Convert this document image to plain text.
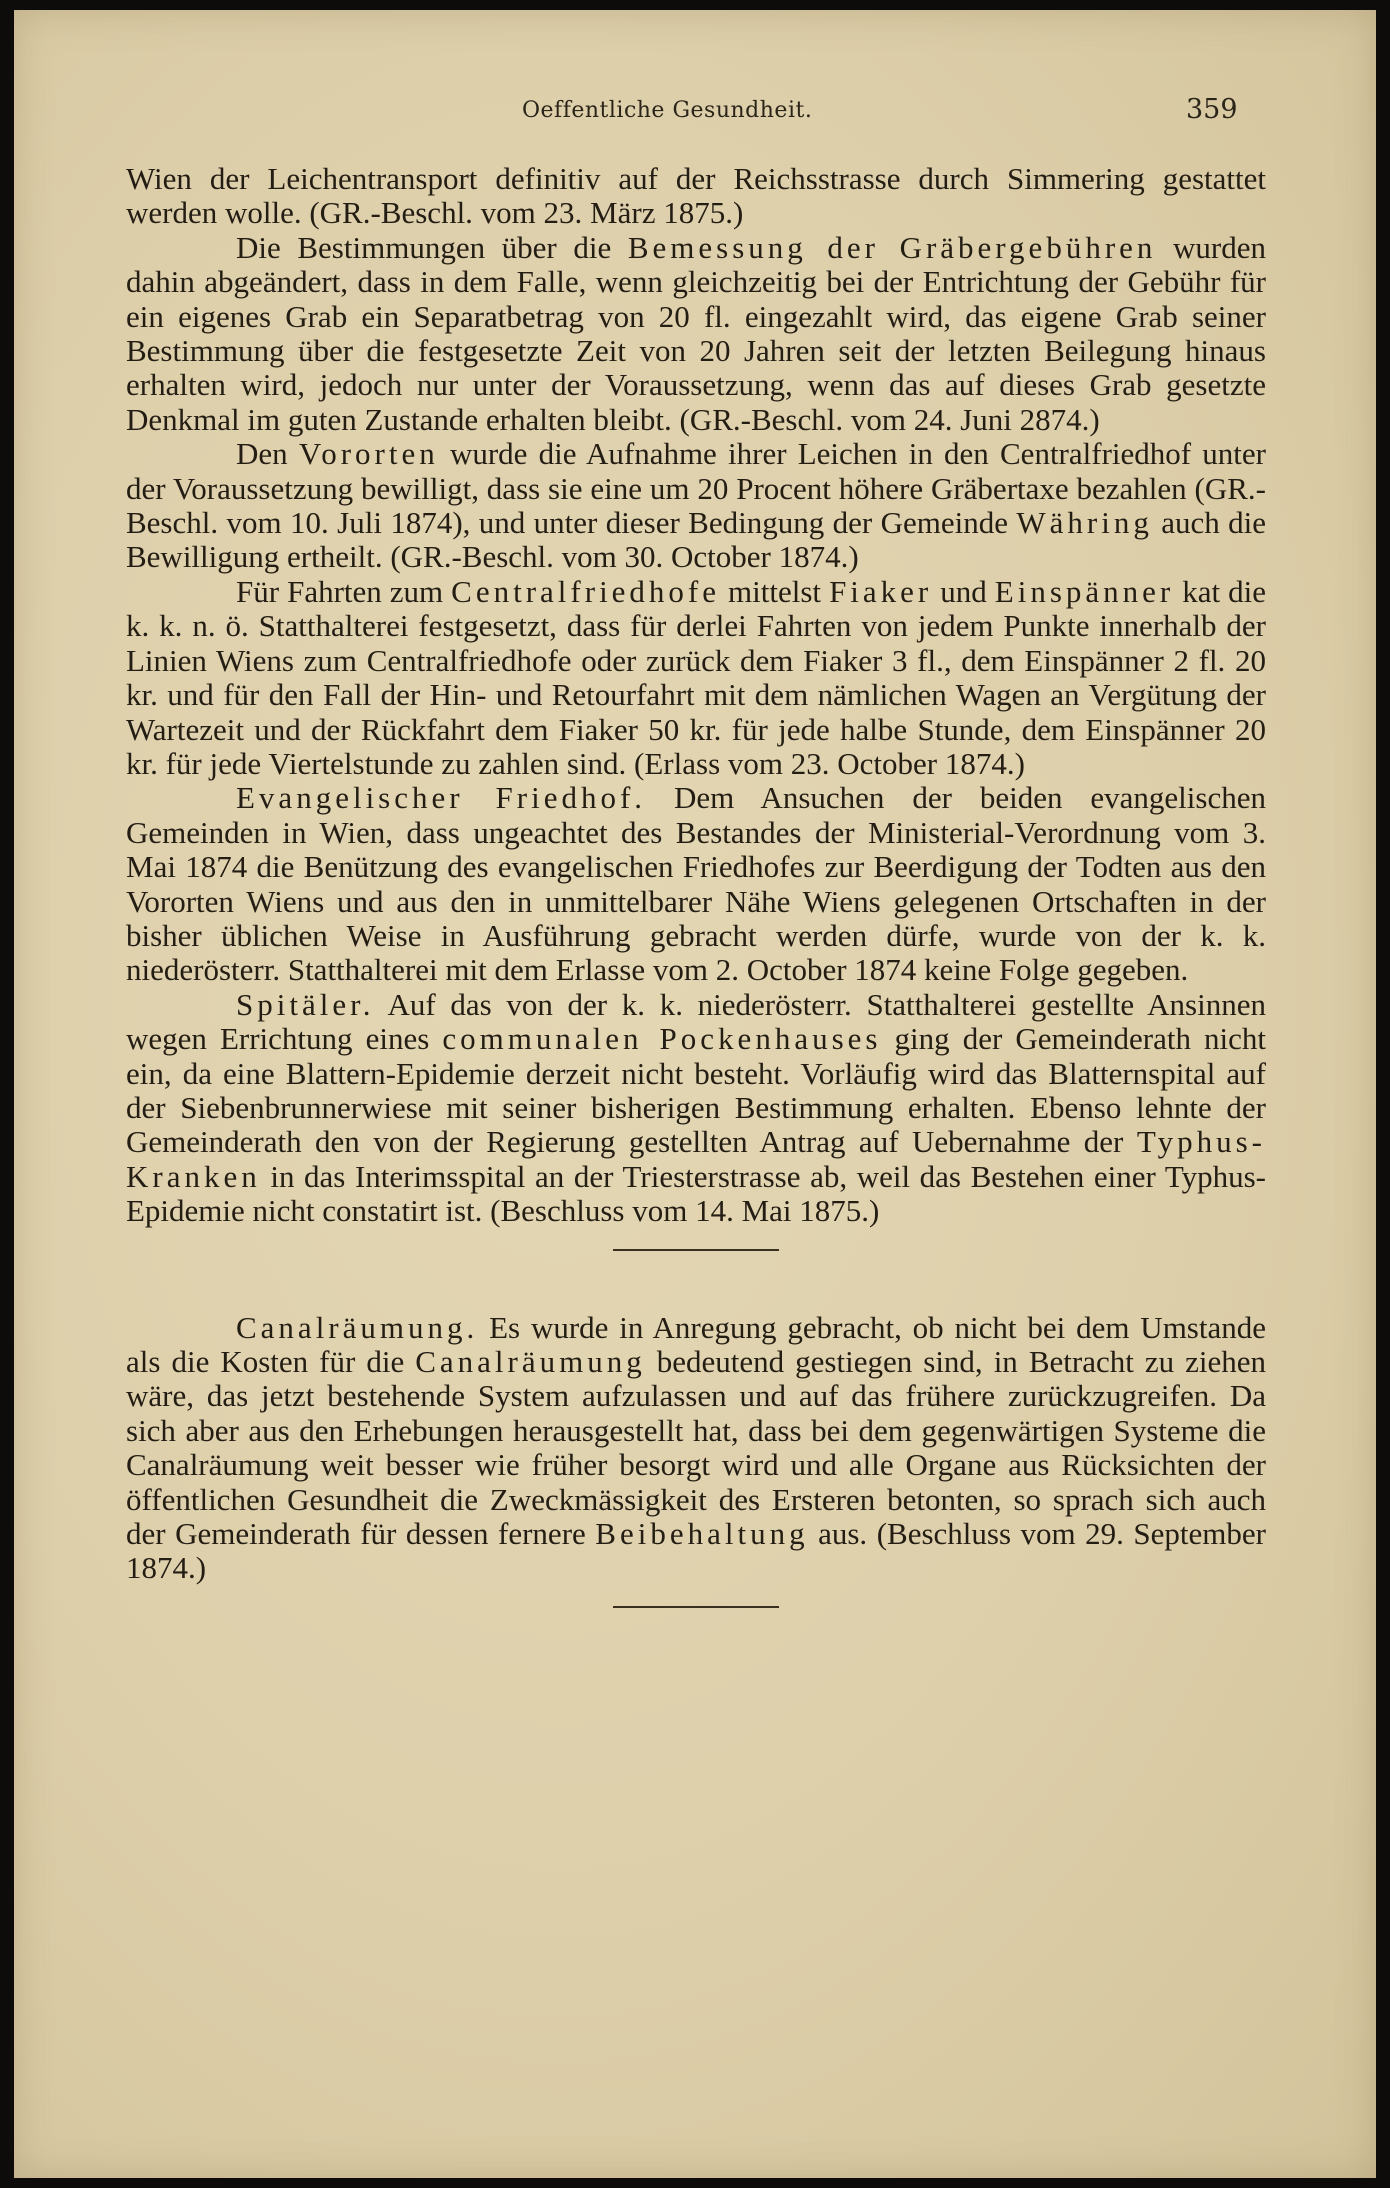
Oeffentliche Gesundheit.	359

Wien der Leichentransport definitiv auf der Reichsstrasse durch Simmering gestattet werden wolle. (GR.-Beschl. vom 23. März 1875.)

Die Bestimmungen über die Bemessung der Gräbergebühren wurden dahin abgeändert, dass in dem Falle, wenn gleichzeitig bei der Entrichtung der Gebühr für ein eigenes Grab ein Separatbetrag von 20 fl. eingezahlt wird, das eigene Grab seiner Bestimmung über die festgesetzte Zeit von 20 Jahren seit der letzten Beilegung hinaus erhalten wird, jedoch nur unter der Voraussetzung, wenn das auf dieses Grab gesetzte Denkmal im guten Zustande erhalten bleibt. (GR.-Beschl. vom 24. Juni 2874.)

Den Vororten wurde die Aufnahme ihrer Leichen in den Centralfriedhof unter der Voraussetzung bewilligt, dass sie eine um 20 Procent höhere Gräbertaxe bezahlen (GR.-Beschl. vom 10. Juli 1874), und unter dieser Bedingung der Gemeinde Währing auch die Bewilligung ertheilt. (GR.-Beschl. vom 30. October 1874.)

Für Fahrten zum Centralfriedhofe mittelst Fiaker und Einspänner kat die k. k. n. ö. Statthalterei festgesetzt, dass für derlei Fahrten von jedem Punkte innerhalb der Linien Wiens zum Centralfriedhofe oder zurück dem Fiaker 3 fl., dem Einspänner 2 fl. 20 kr. und für den Fall der Hin- und Retourfahrt mit dem nämlichen Wagen an Vergütung der Wartezeit und der Rückfahrt dem Fiaker 50 kr. für jede halbe Stunde, dem Einspänner 20 kr. für jede Viertelstunde zu zahlen sind. (Erlass vom 23. October 1874.)

Evangelischer Friedhof. Dem Ansuchen der beiden evangelischen Gemeinden in Wien, dass ungeachtet des Bestandes der Ministerial-Verordnung vom 3. Mai 1874 die Benützung des evangelischen Friedhofes zur Beerdigung der Todten aus den Vororten Wiens und aus den in unmittelbarer Nähe Wiens gelegenen Ortschaften in der bisher üblichen Weise in Ausführung gebracht werden dürfe, wurde von der k. k. niederösterr. Statthalterei mit dem Erlasse vom 2. October 1874 keine Folge gegeben.

Spitäler. Auf das von der k. k. niederösterr. Statthalterei gestellte Ansinnen wegen Errichtung eines communalen Pockenhauses ging der Gemeinderath nicht ein, da eine Blattern-Epidemie derzeit nicht besteht. Vorläufig wird das Blatternspital auf der Siebenbrunnerwiese mit seiner bisherigen Bestimmung erhalten. Ebenso lehnte der Gemeinderath den von der Regierung gestellten Antrag auf Uebernahme der Typhus-Kranken in das Interimsspital an der Triesterstrasse ab, weil das Bestehen einer Typhus-Epidemie nicht constatirt ist. (Beschluss vom 14. Mai 1875.)

Canalräumung. Es wurde in Anregung gebracht, ob nicht bei dem Umstande als die Kosten für die Canalräumung bedeutend gestiegen sind, in Betracht zu ziehen wäre, das jetzt bestehende System aufzulassen und auf das frühere zurückzugreifen. Da sich aber aus den Erhebungen herausgestellt hat, dass bei dem gegenwärtigen Systeme die Canalräumung weit besser wie früher besorgt wird und alle Organe aus Rücksichten der öffentlichen Gesundheit die Zweckmässigkeit des Ersteren betonten, so sprach sich auch der Gemeinderath für dessen fernere Beibehaltung aus. (Beschluss vom 29. September 1874.)
